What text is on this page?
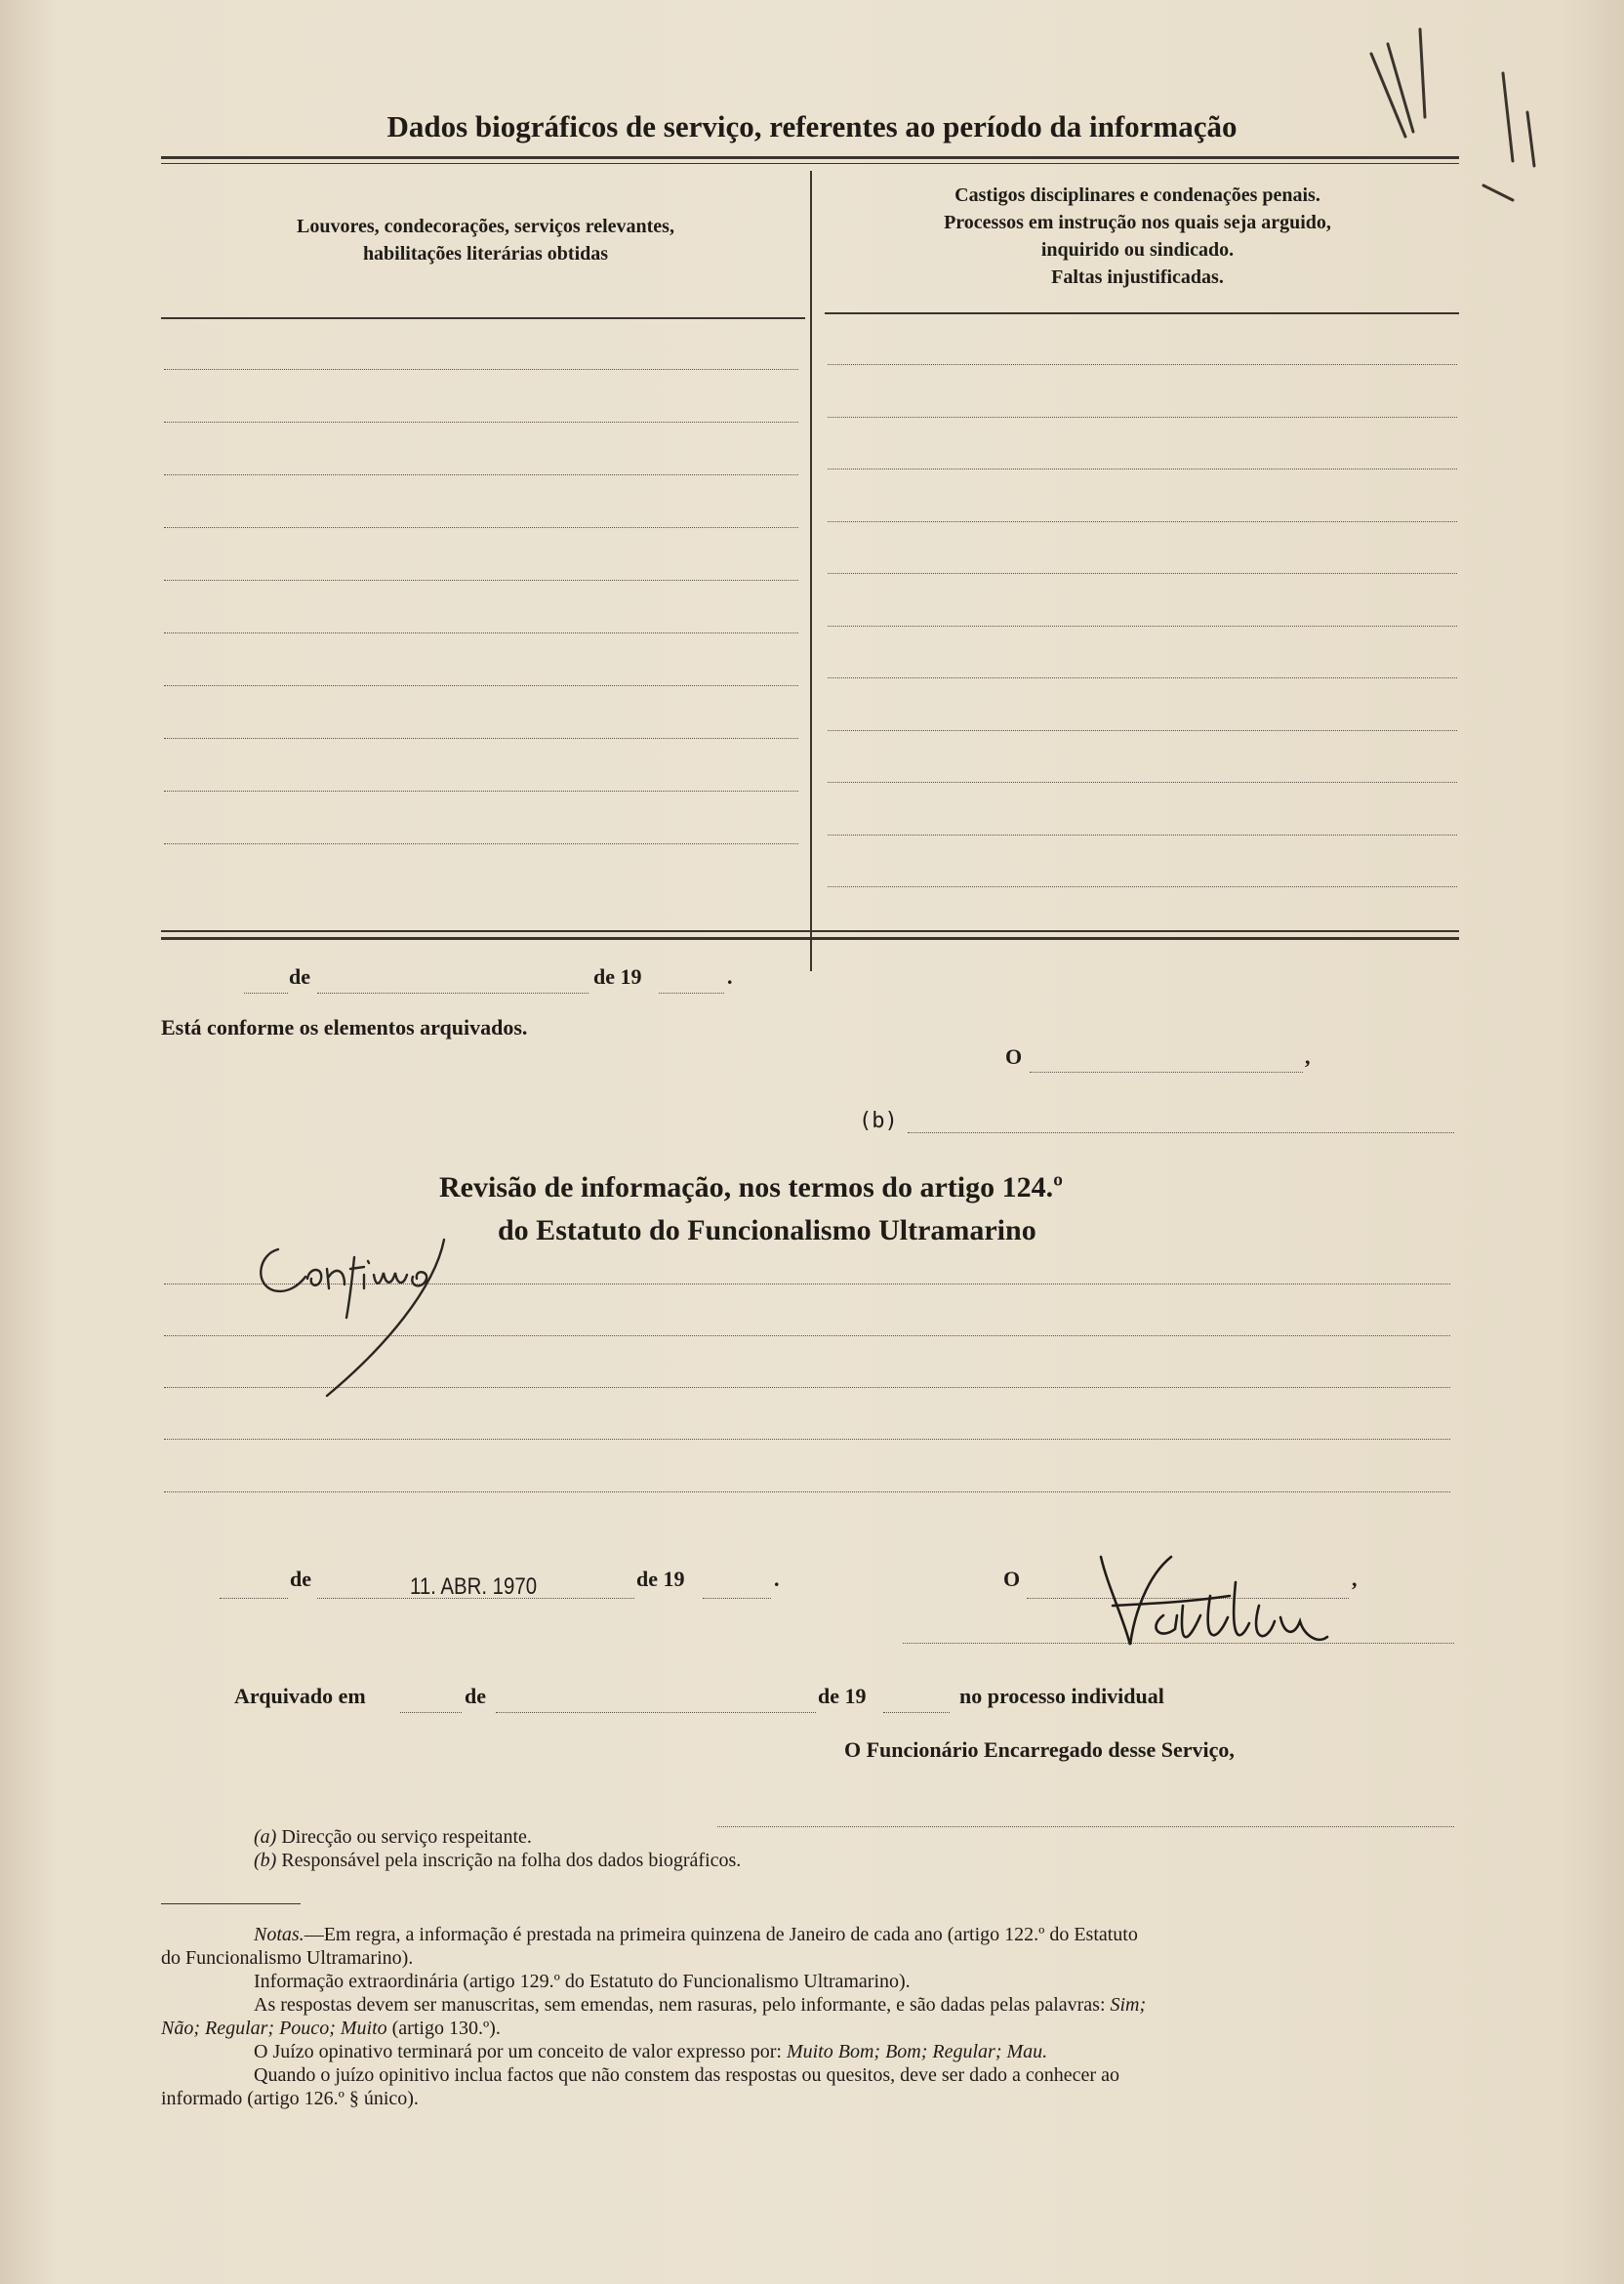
Dados biográficos de serviço, referentes ao período da informação
Louvores, condecorações, serviços relevantes,
habilitações literárias obtidas
Castigos disciplinares e condenações penais.
Processos em instrução nos quais seja arguido,
inquirido ou sindicado.
Faltas injustificadas.
de	de 19	.
Está conforme os elementos arquivados.
O	,
(b)
Revisão de informação, nos termos do artigo 124.º
do Estatuto do Funcionalismo Ultramarino
de	11. ABR. 1970	de 19	.	O	,
Arquivado em	de	de 19	no processo individual
O Funcionário Encarregado desse Serviço,
(a) Direcção ou serviço respeitante.
(b) Responsável pela inscrição na folha dos dados biográficos.
Notas.—Em regra, a informação é prestada na primeira quinzena de Janeiro de cada ano (artigo 122.º do Estatuto
do Funcionalismo Ultramarino).
Informação extraordinária (artigo 129.º do Estatuto do Funcionalismo Ultramarino).
As respostas devem ser manuscritas, sem emendas, nem rasuras, pelo informante, e são dadas pelas palavras: Sim;
Não; Regular; Pouco; Muito (artigo 130.º).
O Juízo opinativo terminará por um conceito de valor expresso por: Muito Bom; Bom; Regular; Mau.
Quando o juízo opinitivo inclua factos que não constem das respostas ou quesitos, deve ser dado a conhecer ao
informado (artigo 126.º § único).
